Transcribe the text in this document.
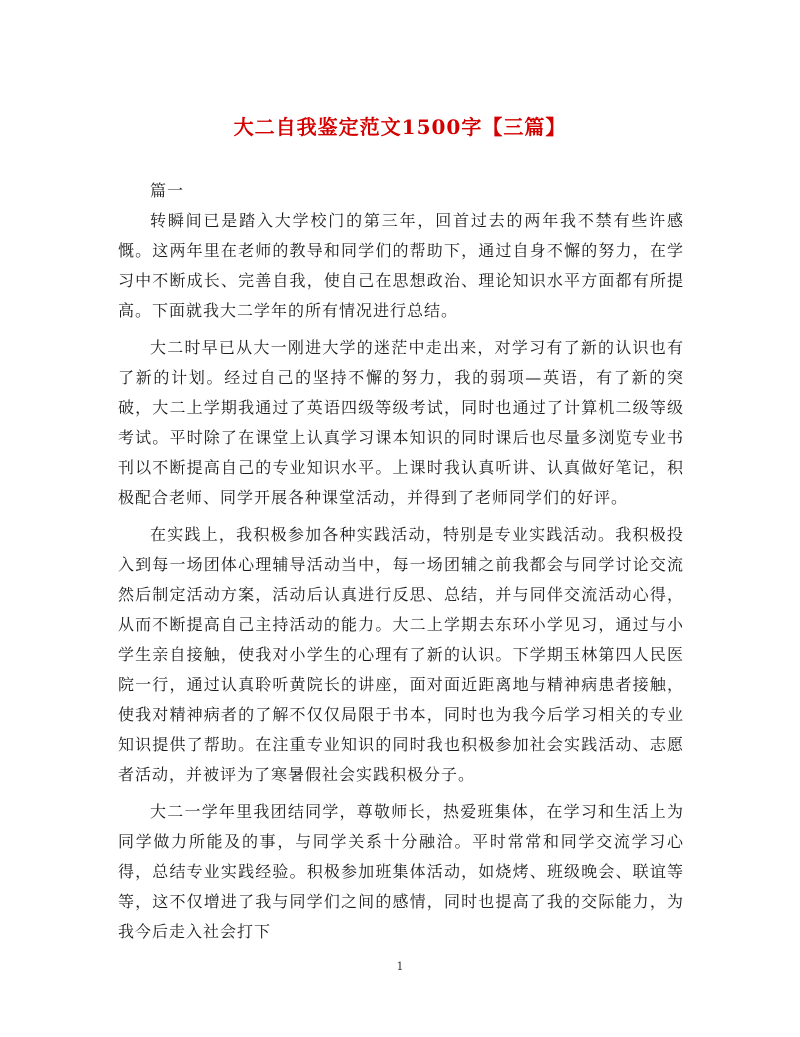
大二自我鉴定范文1500字【三篇】

篇一

转瞬间已是踏入大学校门的第三年，回首过去的两年我不禁有些许感慨。这两年里在老师的教导和同学们的帮助下，通过自身不懈的努力，在学习中不断成长、完善自我，使自己在思想政治、理论知识水平方面都有所提高。下面就我大二学年的所有情况进行总结。

大二时早已从大一刚进大学的迷茫中走出来，对学习有了新的认识也有了新的计划。经过自己的坚持不懈的努力，我的弱项—英语，有了新的突破，大二上学期我通过了英语四级等级考试，同时也通过了计算机二级等级考试。平时除了在课堂上认真学习课本知识的同时课后也尽量多浏览专业书刊以不断提高自己的专业知识水平。上课时我认真听讲、认真做好笔记，积极配合老师、同学开展各种课堂活动，并得到了老师同学们的好评。

在实践上，我积极参加各种实践活动，特别是专业实践活动。我积极投入到每一场团体心理辅导活动当中，每一场团辅之前我都会与同学讨论交流然后制定活动方案，活动后认真进行反思、总结，并与同伴交流活动心得，从而不断提高自己主持活动的能力。大二上学期去东环小学见习，通过与小学生亲自接触，使我对小学生的心理有了新的认识。下学期玉林第四人民医院一行，通过认真聆听黄院长的讲座，面对面近距离地与精神病患者接触，使我对精神病者的了解不仅仅局限于书本，同时也为我今后学习相关的专业知识提供了帮助。在注重专业知识的同时我也积极参加社会实践活动、志愿者活动，并被评为了寒暑假社会实践积极分子。

大二一学年里我团结同学，尊敬师长，热爱班集体，在学习和生活上为同学做力所能及的事，与同学关系十分融洽。平时常常和同学交流学习心得，总结专业实践经验。积极参加班集体活动，如烧烤、班级晚会、联谊等等，这不仅增进了我与同学们之间的感情，同时也提高了我的交际能力，为我今后走入社会打下

1
